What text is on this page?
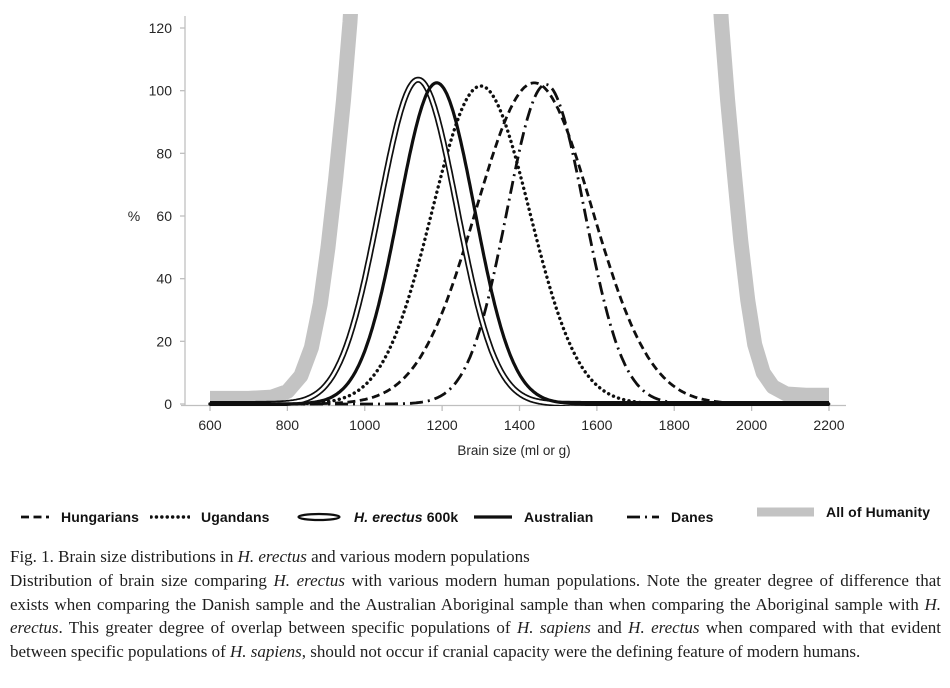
0
20
40
60
80
100
120
600	800	1000	1200	1400	1600	1800	2000	2200
%
Brain size (ml or g)
Hungarians	Ugandans	H. erectus 600k	Australian	Danes	All of Humanity
Fig. 1. Brain size distributions in H. erectus and various modern populations
Distribution of brain size comparing H. erectus with various modern human populations. Note the greater degree of difference that exists when comparing the Danish sample and the Australian Aboriginal sample than when comparing the Aboriginal sample with H. erectus. This greater degree of overlap between specific populations of H. sapiens and H. erectus when compared with that evident between specific populations of H. sapiens, should not occur if cranial capacity were the defining feature of modern humans.
